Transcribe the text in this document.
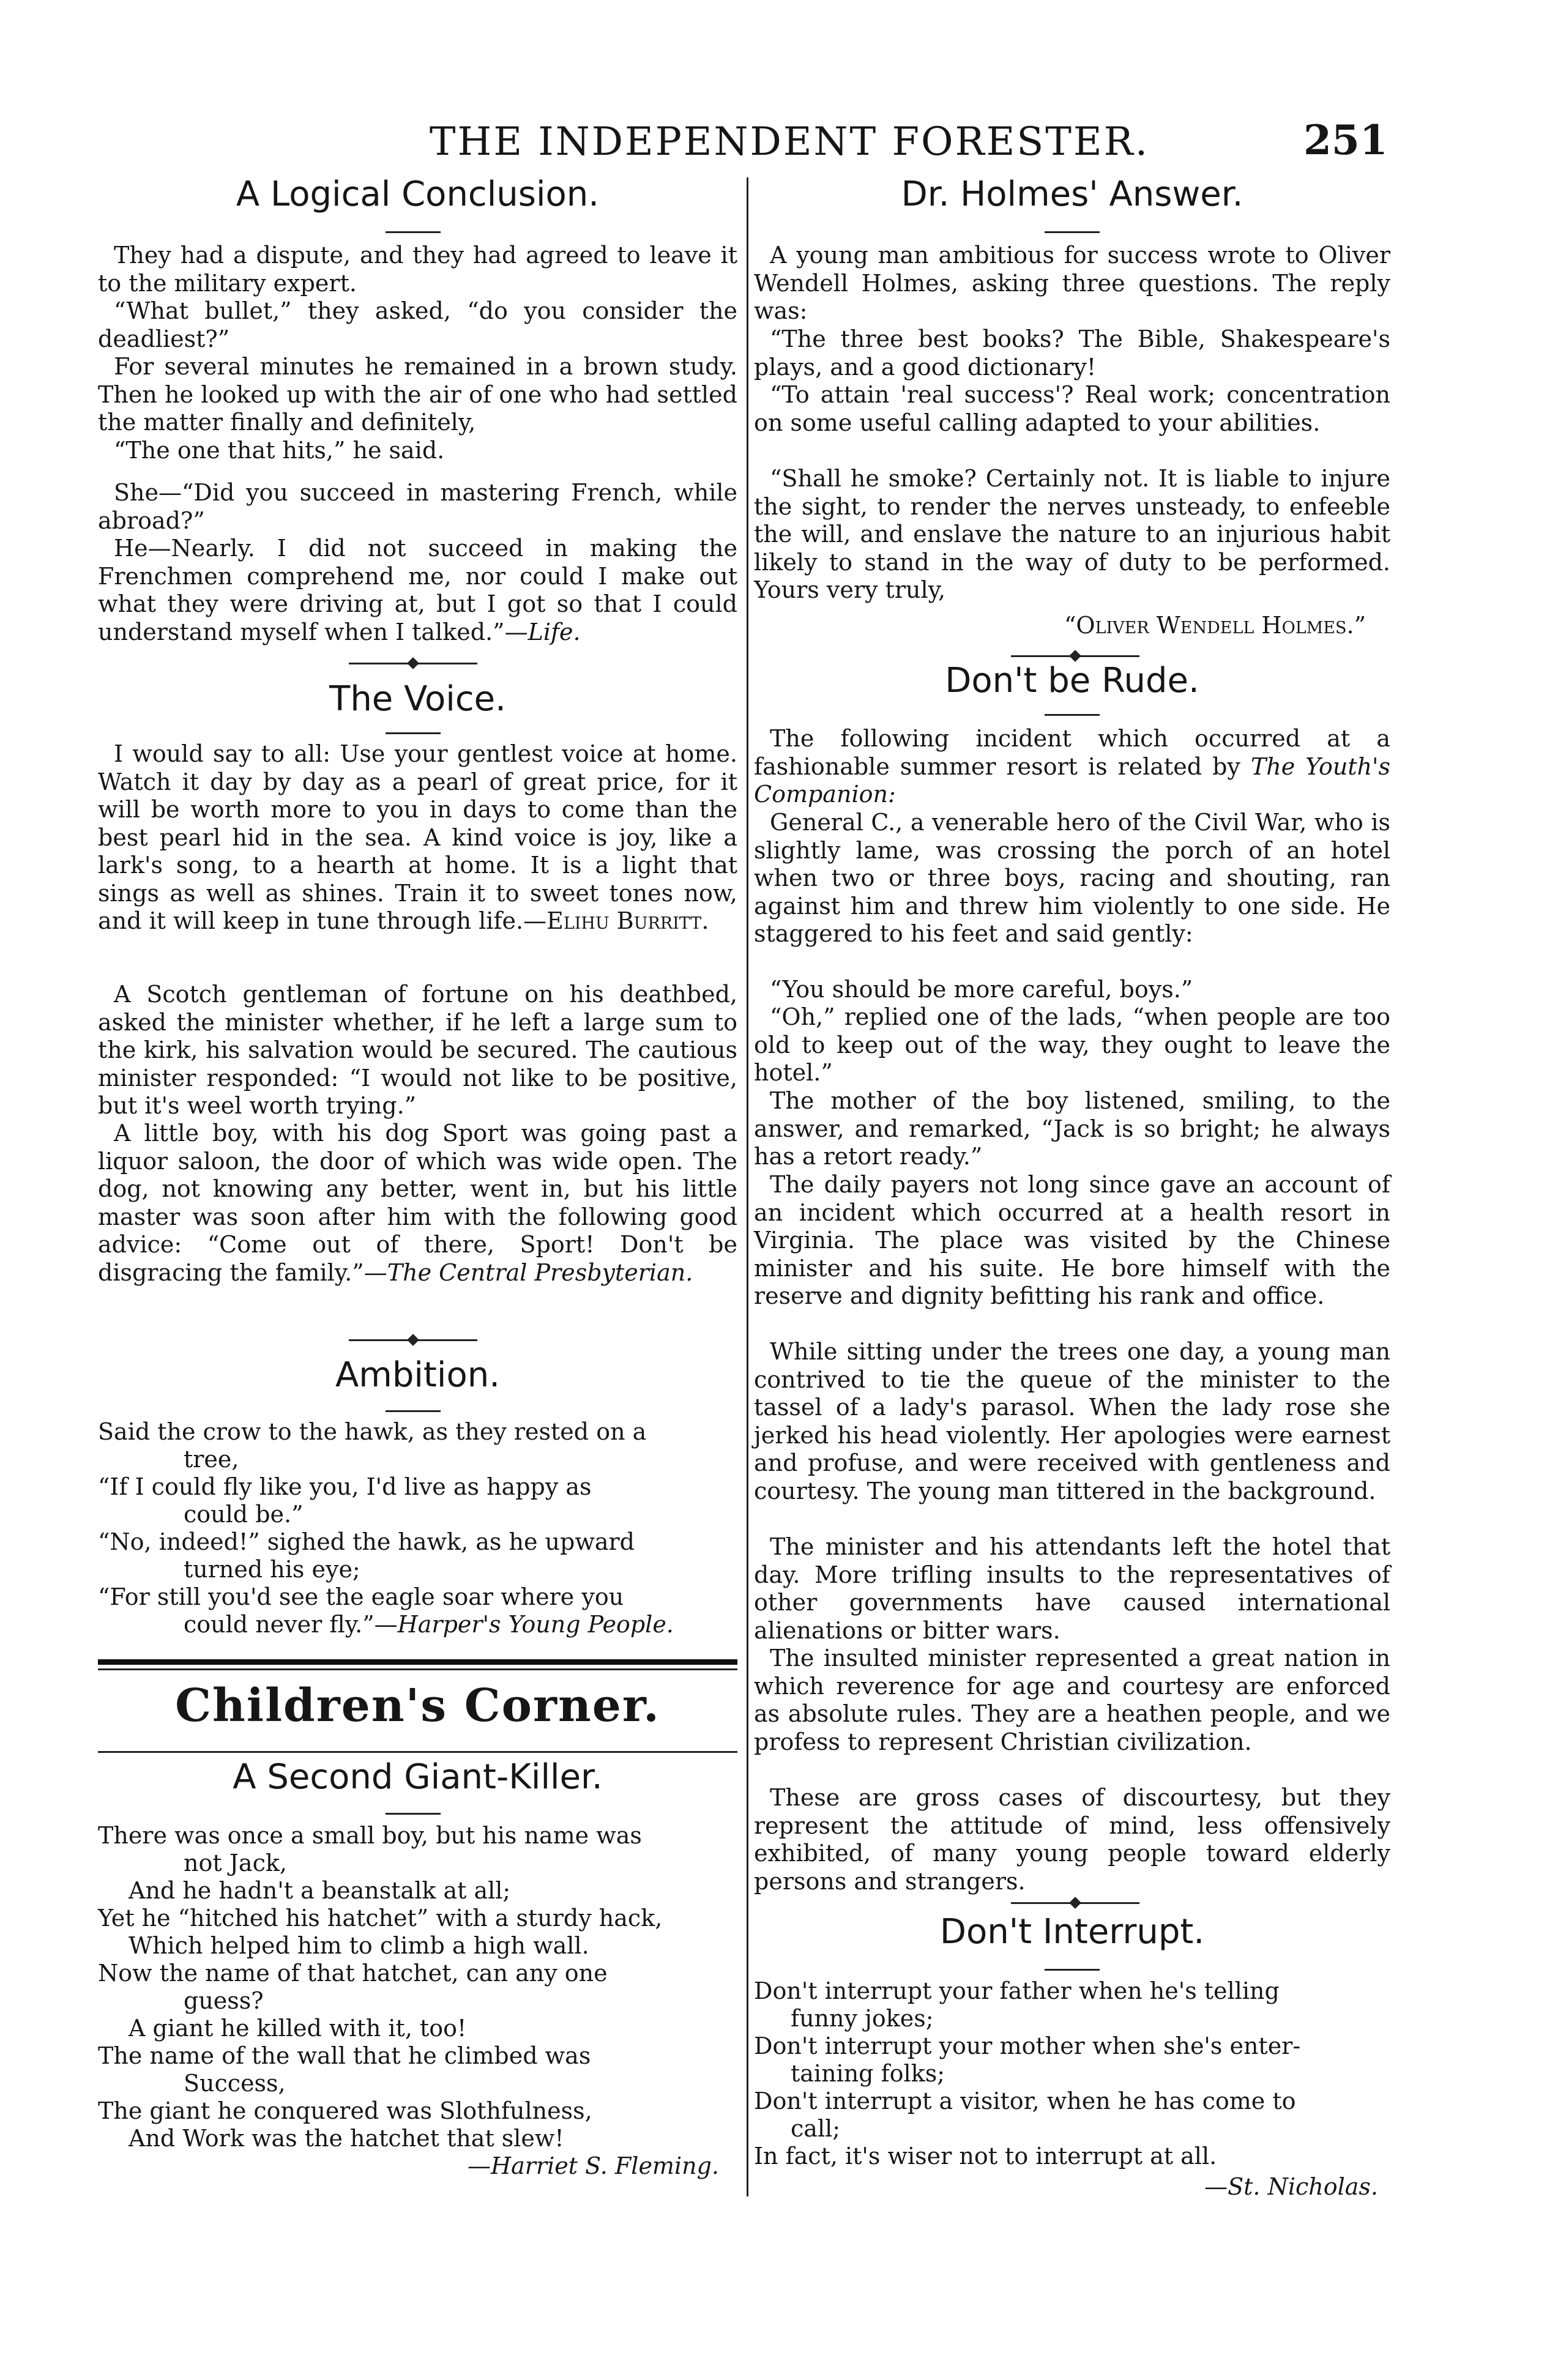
THE INDEPENDENT FORESTER.	251
A Logical Conclusion.

They had a dispute, and they had agreed to leave it to the military expert.

“What bullet,” they asked, “do you consider the deadliest?”

For several minutes he remained in a brown study. Then he looked up with the air of one who had settled the matter finally and definitely,

“The one that hits,” he said.

She—“Did you succeed in mastering French, while abroad?”

He—Nearly. I did not succeed in making the Frenchmen comprehend me, nor could I make out what they were driving at, but I got so that I could understand myself when I talked.”—Life.

The Voice.

I would say to all: Use your gentlest voice at home. Watch it day by day as a pearl of great price, for it will be worth more to you in days to come than the best pearl hid in the sea. A kind voice is joy, like a lark's song, to a hearth at home. It is a light that sings as well as shines. Train it to sweet tones now, and it will keep in tune through life.—Elihu Burritt.

A Scotch gentleman of fortune on his deathbed, asked the minister whether, if he left a large sum to the kirk, his salvation would be secured. The cautious minister responded: “I would not like to be positive, but it's weel worth trying.”

A little boy, with his dog Sport was going past a liquor saloon, the door of which was wide open. The dog, not knowing any better, went in, but his little master was soon after him with the following good advice: “Come out of there, Sport! Don't be disgracing the family.”—The Central Presbyterian.

Ambition.
Said the crow to the hawk, as they rested on a
tree,
“If I could fly like you, I'd live as happy as
could be.”
“No, indeed!” sighed the hawk, as he upward
turned his eye;
“For still you'd see the eagle soar where you
could never fly.”—Harper's Young People.
Children's Corner.
A Second Giant-Killer.
There was once a small boy, but his name was
not Jack,
And he hadn't a beanstalk at all;
Yet he “hitched his hatchet” with a sturdy hack,
Which helped him to climb a high wall.
Now the name of that hatchet, can any one
guess?
A giant he killed with it, too!
The name of the wall that he climbed was
Success,
The giant he conquered was Slothfulness,
And Work was the hatchet that slew!
—Harriet S. Fleming.
Dr. Holmes' Answer.

A young man ambitious for success wrote to Oliver Wendell Holmes, asking three questions. The reply was:

“The three best books? The Bible, Shakespeare's plays, and a good dictionary!

“To attain 'real success'? Real work; concentration on some useful calling adapted to your abilities.

“Shall he smoke? Certainly not. It is liable to injure the sight, to render the nerves unsteady, to enfeeble the will, and enslave the nature to an injurious habit likely to stand in the way of duty to be performed. Yours very truly,

“Oliver Wendell Holmes.”
Don't be Rude.

The following incident which occurred at a fashionable summer resort is related by The Youth's Companion:

General C., a venerable hero of the Civil War, who is slightly lame, was crossing the porch of an hotel when two or three boys, racing and shouting, ran against him and threw him violently to one side. He staggered to his feet and said gently:

“You should be more careful, boys.”

“Oh,” replied one of the lads, “when people are too old to keep out of the way, they ought to leave the hotel.”

The mother of the boy listened, smiling, to the answer, and remarked, “Jack is so bright; he always has a retort ready.”

The daily payers not long since gave an account of an incident which occurred at a health resort in Virginia. The place was visited by the Chinese minister and his suite. He bore himself with the reserve and dignity befitting his rank and office.

While sitting under the trees one day, a young man contrived to tie the queue of the minister to the tassel of a lady's parasol. When the lady rose she jerked his head violently. Her apologies were earnest and profuse, and were received with gentleness and courtesy. The young man tittered in the background.

The minister and his attendants left the hotel that day. More trifling insults to the representatives of other governments have caused international alienations or bitter wars.

The insulted minister represented a great nation in which reverence for age and courtesy are enforced as absolute rules. They are a heathen people, and we profess to represent Christian civilization.

These are gross cases of discourtesy, but they represent the attitude of mind, less offensively exhibited, of many young people toward elderly persons and strangers.

Don't Interrupt.
Don't interrupt your father when he's telling
funny jokes;
Don't interrupt your mother when she's enter-
taining folks;
Don't interrupt a visitor, when he has come to
call;
In fact, it's wiser not to interrupt at all.
—St. Nicholas.
